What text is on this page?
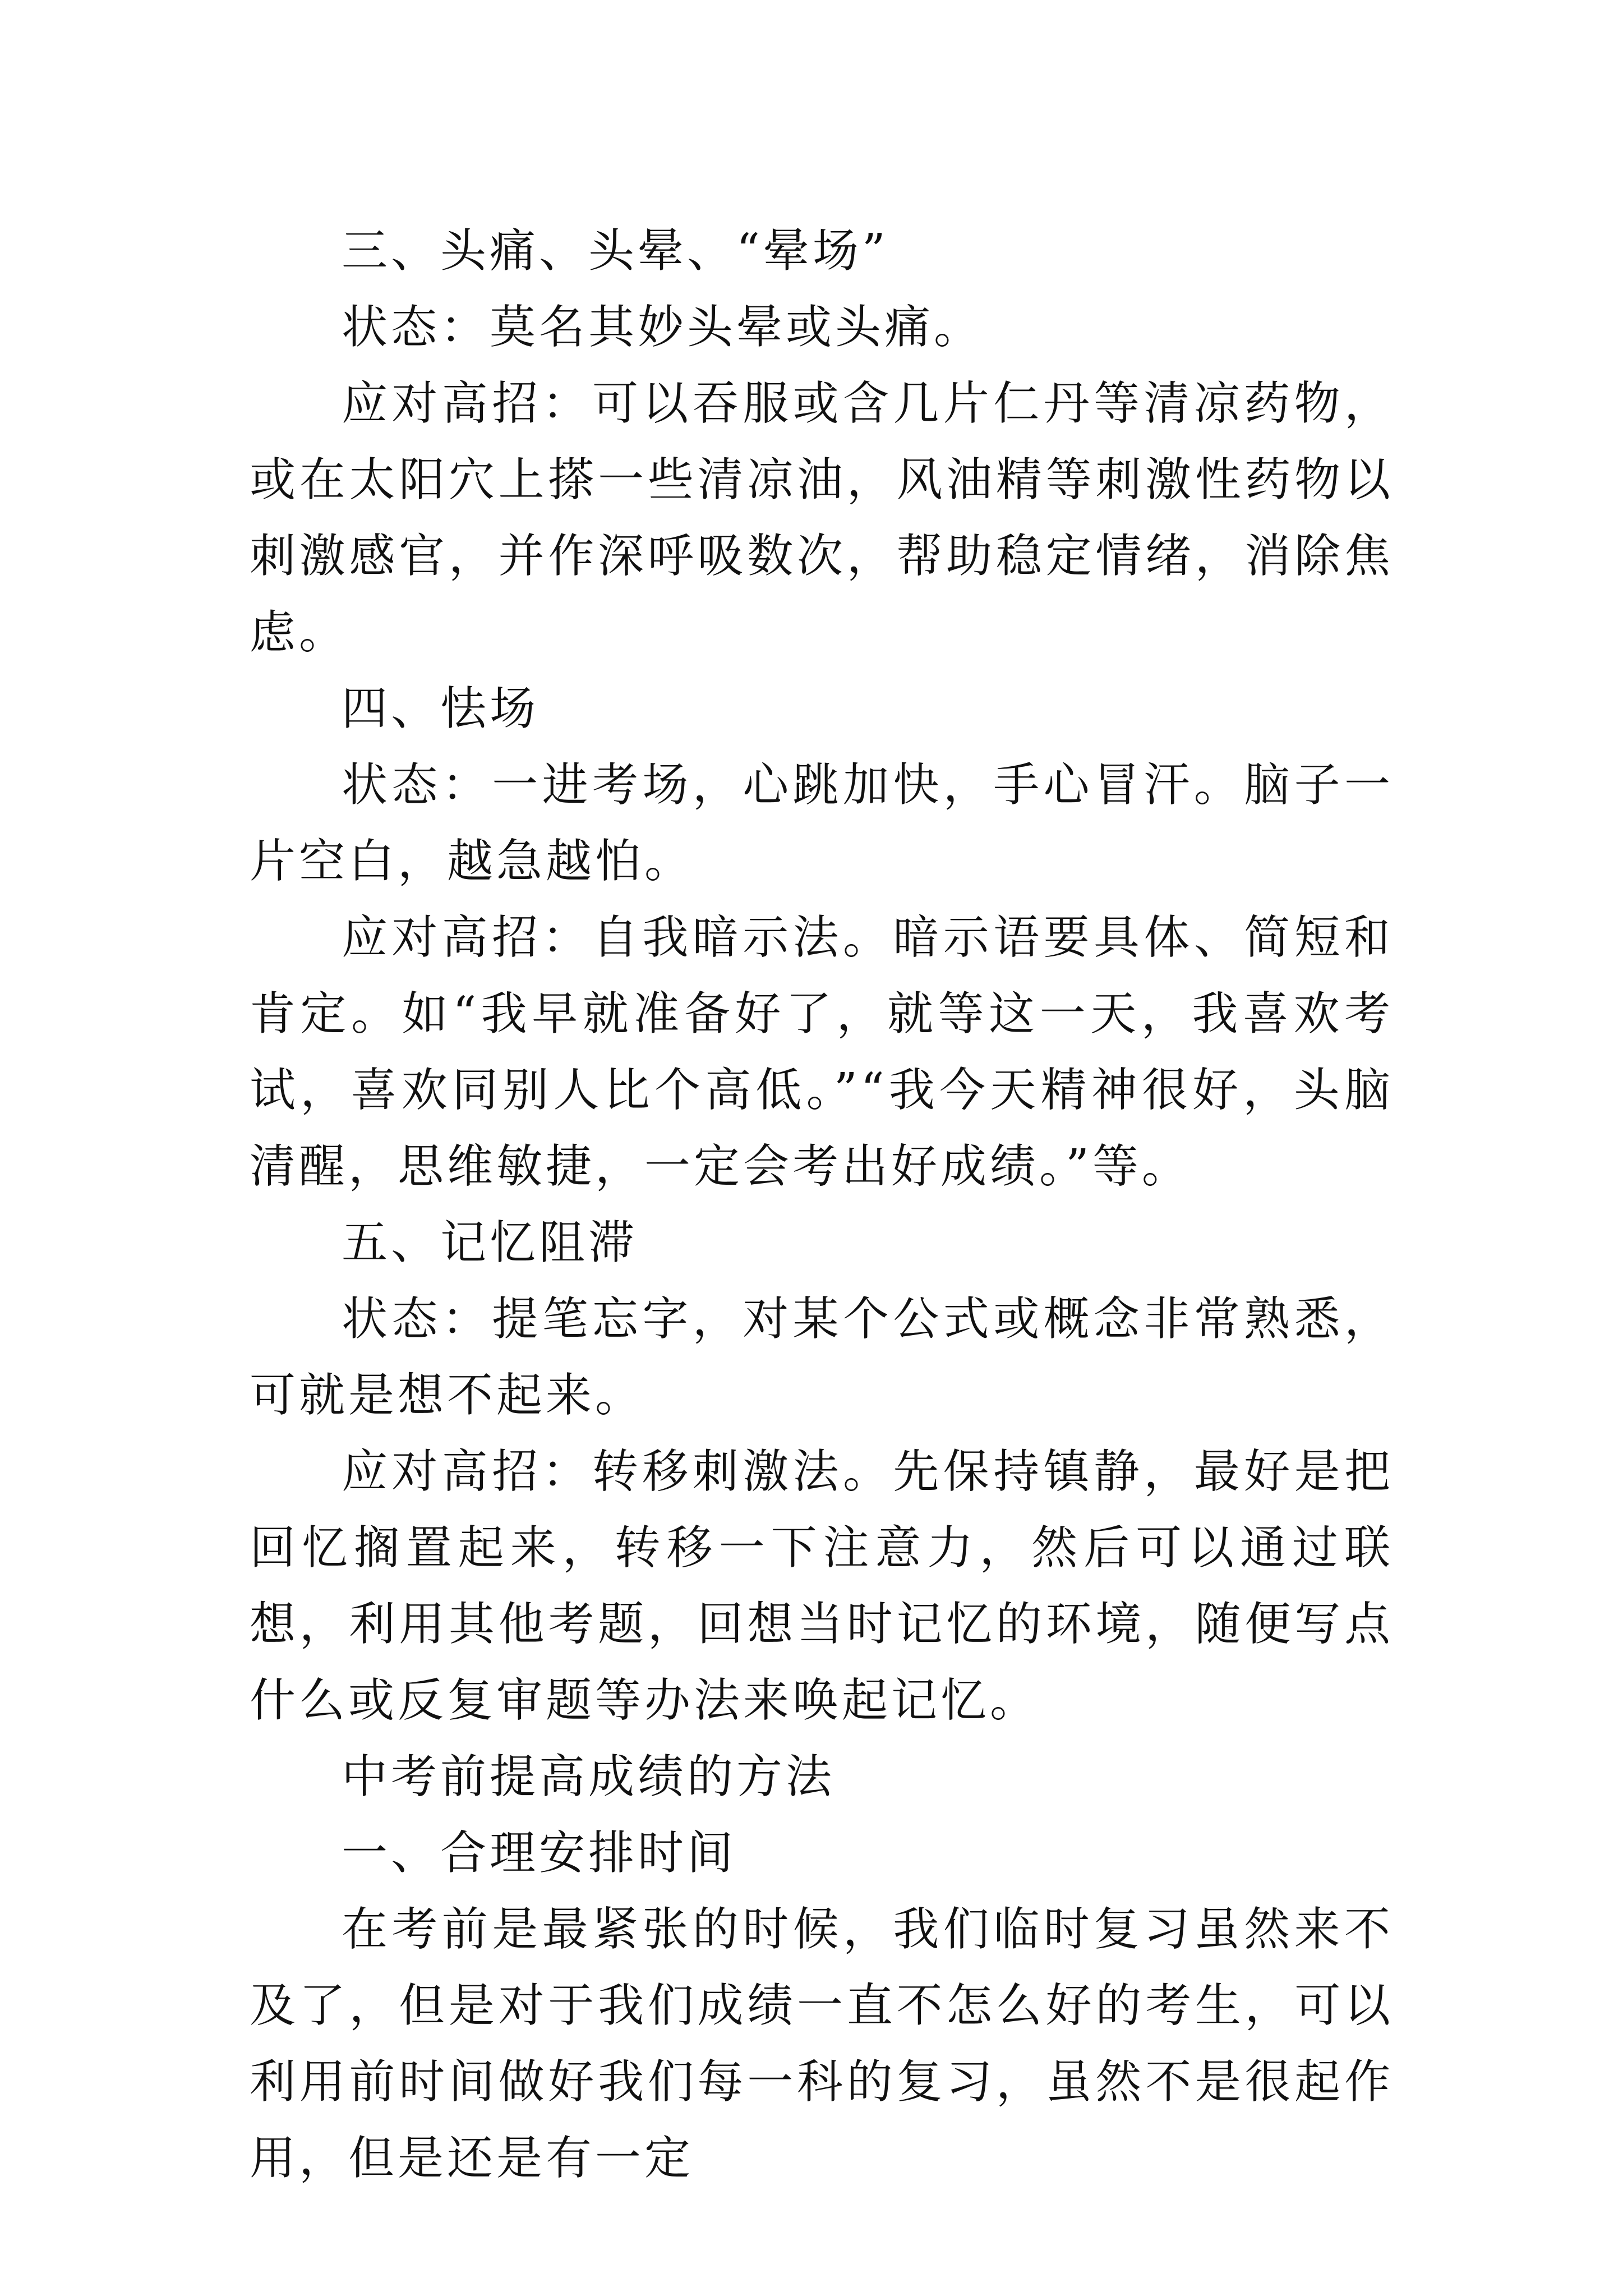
三、头痛、头晕、“晕场”

状态：莫名其妙头晕或头痛。

应对高招：可以吞服或含几片仁丹等清凉药物，或在太阳穴上搽一些清凉油，风油精等刺激性药物以刺激感官，并作深呼吸数次，帮助稳定情绪，消除焦虑。

四、怯场

状态：一进考场，心跳加快，手心冒汗。脑子一片空白，越急越怕。

应对高招：自我暗示法。暗示语要具体、简短和肯定。如“我早就准备好了，就等这一天，我喜欢考试，喜欢同别人比个高低。”“我今天精神很好，头脑清醒，思维敏捷，一定会考出好成绩。”等。

五、记忆阻滞

状态：提笔忘字，对某个公式或概念非常熟悉，可就是想不起来。

应对高招：转移刺激法。先保持镇静，最好是把回忆搁置起来，转移一下注意力，然后可以通过联想，利用其他考题，回想当时记忆的环境，随便写点什么或反复审题等办法来唤起记忆。

中考前提高成绩的方法

一、合理安排时间

在考前是最紧张的时候，我们临时复习虽然来不及了，但是对于我们成绩一直不怎么好的考生，可以利用前时间做好我们每一科的复习，虽然不是很起作用，但是还是有一定
